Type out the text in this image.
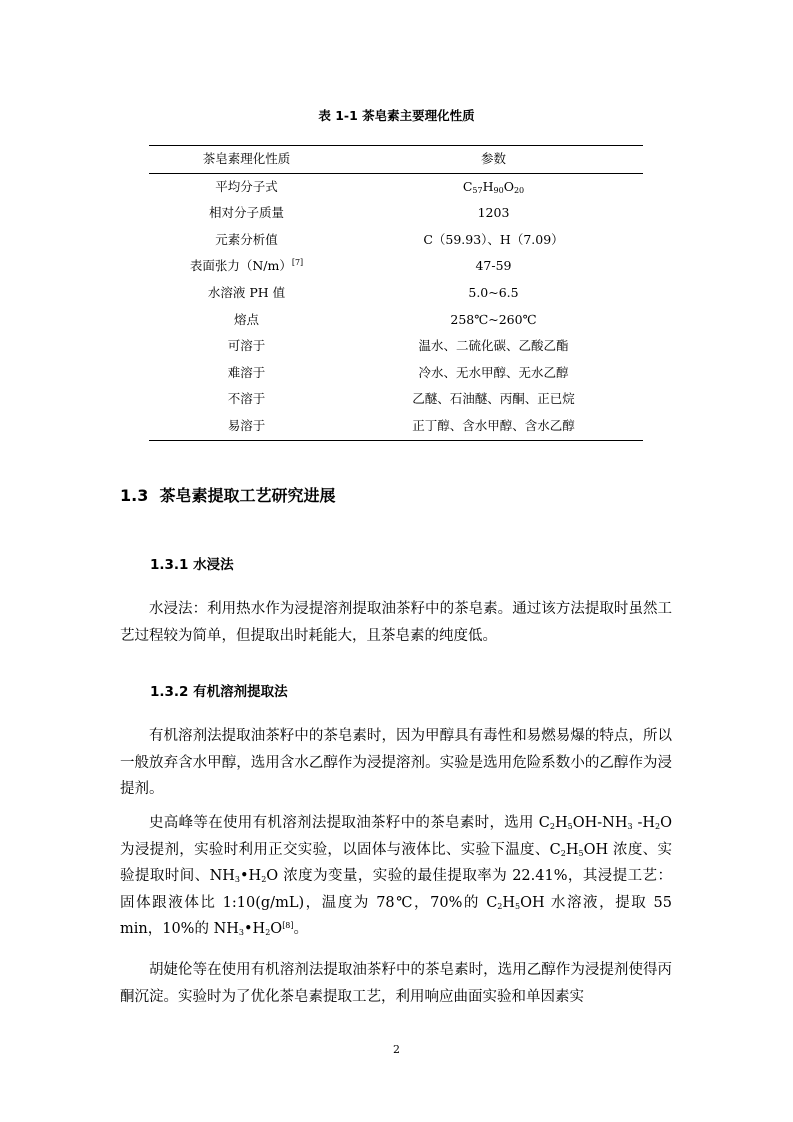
表 1-1 茶皂素主要理化性质
茶皂素理化性质	参数
平均分子式	$C_{57}H_{90}O_{20}$
相对分子质量	1203
元素分析值	C（59.93）、H（7.09）
表面张力（N/m）[7]	47-59
水溶液 PH 值	5.0~6.5
熔点	258℃~260℃
可溶于	温水、二硫化碳、乙酸乙酯
难溶于	冷水、无水甲醇、无水乙醇
不溶于	乙醚、石油醚、丙酮、正已烷
易溶于	正丁醇、含水甲醇、含水乙醇
1.3 茶皂素提取工艺研究进展
1.3.1 水浸法
水浸法：利用热水作为浸提溶剂提取油茶籽中的茶皂素。通过该方法提取时虽然工艺过程较为简单，但提取出时耗能大，且茶皂素的纯度低。
1.3.2 有机溶剂提取法
有机溶剂法提取油茶籽中的茶皂素时，因为甲醇具有毒性和易燃易爆的特点，所以一般放弃含水甲醇，选用含水乙醇作为浸提溶剂。实验是选用危险系数小的乙醇作为浸提剂。
史高峰等在使用有机溶剂法提取油茶籽中的茶皂素时，选用 $C_2H_5OH-NH_3$ $-H_2O$ 为浸提剂，实验时利用正交实验，以固体与液体比、实验下温度、$C_2H_5OH$ 浓度、实验提取时间、$NH_3•H_2O$ 浓度为变量，实验的最佳提取率为 22.41%，其浸提工艺：固体跟液体比 1:10(g/mL)，温度为 78℃，70%的 $C_2H_5OH$ 水溶液，提取 55 min，10%的 $NH_3•H_2O[8]$。
胡婕伦等在使用有机溶剂法提取油茶籽中的茶皂素时，选用乙醇作为浸提剂使得丙酮沉淀。实验时为了优化茶皂素提取工艺，利用响应曲面实验和单因素实
2
